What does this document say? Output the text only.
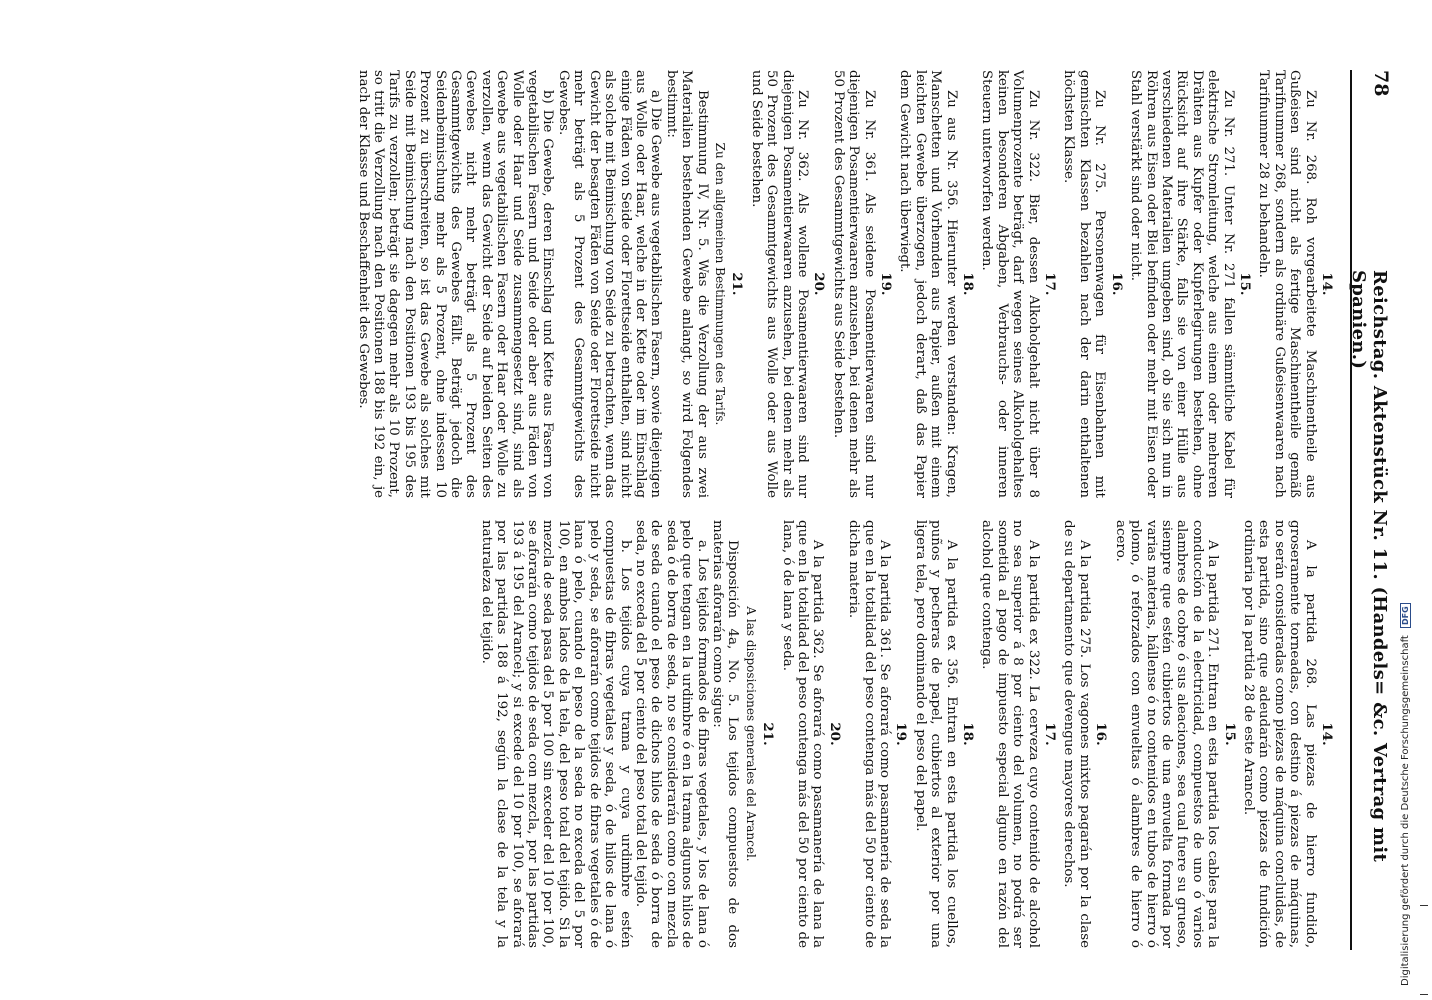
78
Reichstag. Aktenstück Nr. 11. (Handels= &c. Vertrag mit Spanien.)
14.

Zu Nr. 268. Roh vorgearbeitete Maschinentheile aus Gußeisen sind nicht als fertige Maschinentheile gemäß Tarifnummer 268, sondern als ordinäre Gußeisenwaaren nach Tarifnummer 28 zu behandeln.

15.

Zu Nr. 271. Unter Nr. 271 fallen sämmtliche Kabel für elektrische Stromleitung, welche aus einem oder mehreren Drähten aus Kupfer oder Kupferlegirungen bestehen, ohne Rücksicht auf ihre Stärke, falls sie von einer Hülle aus verschiedenen Materialien umgeben sind, ob sie sich nun in Röhren aus Eisen oder Blei befinden oder mehr mit Eisen oder Stahl verstärkt sind oder nicht.

16.

Zu Nr. 275. Personenwagen für Eisenbahnen mit gemischten Klassen bezahlen nach der darin enthaltenen höchsten Klasse.

17.

Zu Nr. 322. Bier, dessen Alkoholgehalt nicht über 8 Volumenprozente beträgt, darf wegen seines Alkoholgehaltes keinen besonderen Abgaben, Verbrauchs- oder inneren Steuern unterworfen werden.

18.

Zu aus Nr. 356. Hierunter werden verstanden: Kragen, Manschetten und Vorhemden aus Papier, außen mit einem leichten Gewebe überzogen, jedoch derart, daß das Papier dem Gewicht nach überwiegt.

19.

Zu Nr. 361. Als seidene Posamentierwaaren sind nur diejenigen Posamentierwaaren anzusehen, bei denen mehr als 50 Prozent des Gesammtgewichts aus Seide bestehen.

20.

Zu Nr. 362. Als wollene Posamentierwaaren sind nur diejenigen Posamentierwaaren anzusehen, bei denen mehr als 50 Prozent des Gesammtgewichts aus Wolle oder aus Wolle und Seide bestehen.

21.
Zu den allgemeinen Bestimmungen des Tarifs.

Bestimmung IV, Nr. 5. Was die Verzollung der aus zwei Materialien bestehenden Gewebe anlangt, so wird Folgendes bestimmt:

a) Die Gewebe aus vegetabilischen Fasern, sowie diejenigen aus Wolle oder Haar, welche in der Kette oder im Einschlag einige Fäden von Seide oder Florettseide enthalten, sind nicht als solche mit Beimischung von Seide zu betrachten, wenn das Gewicht der besagten Fäden von Seide oder Florettseide nicht mehr beträgt als 5 Prozent des Gesammtgewichts des Gewebes.

b) Die Gewebe, deren Einschlag und Kette aus Fasern von vegetabilischen Fasern und Seide oder aber aus Fäden von Wolle oder Haar und Seide zusammengesetzt sind, sind als Gewebe aus vegetabilischen Fasern oder Haar oder Wolle zu verzollen, wenn das Gewicht der Seide auf beiden Seiten des Gewebes nicht mehr beträgt als 5 Prozent des Gesammtgewichts des Gewebes fällt. Beträgt jedoch die Seidenbeimischung mehr als 5 Prozent, ohne indessen 10 Prozent zu überschreiten, so ist das Gewebe als solches mit Seide mit Beimischung nach den Positionen 193 bis 195 des Tarifs zu verzollen; beträgt sie dagegen mehr als 10 Prozent, so tritt die Verzollung nach den Positionen 188 bis 192 ein, je nach der Klasse und Beschaffenheit des Gewebes.

14.

A la partida 268. Las piezas de hierro fundido, groseramente torneadas, con destino á piezas de máquinas, no serán consideradas como piezas de máquina concluidas, de esta partida, sino que adeudarán como piezas de fundición ordinaria por la partida 28 de este Arancel.

15.

A la partida 271. Entran en esta partida los cables para la conducción de la electricidad, compuestos de uno ó varios alambres de cobre ó sus aleaciones, sea cual fuere su grueso, siempre que estén cubiertos de una envuelta formada por varias materias, hállense ó no contenidos en tubos de hierro ó plomo, ó reforzados con envueltas ó alambres de hierro ó acero.

16.

A la partida 275. Los vagones mixtos pagarán por la clase de su departamento que devengue mayores derechos.

17.

A la partida ex 322. La cerveza cuyo contenido de alcohol no sea superior á 8 por ciento del volumen, no podrá ser sometida al pago de impuesto especial alguno en razón del alcohol que contenga.

18.

A la partida ex 356. Entran en esta partida los cuellos, puños y pecheras de papel, cubiertos al exterior por una ligera tela, pero dominando el peso del papel.

19.

A la partida 361. Se aforará como pasamanería de seda la que en la totalidad del peso contenga más del 50 por ciento de dicha materia.

20.

A la partida 362. Se aforará como pasamanería de lana la que en la totalidad del peso contenga más del 50 por ciento de lana, ó de lana y seda.

21.
A las disposiciones generales del Arancel.

Disposición 4a, No. 5. Los tejidos compuestos de dos materias aforarán como sigue:

a. Los tejidos formados de fibras vegetales, y los de lana ó pelo que tengan en la urdimbre ó en la trama algunos hilos de seda ó de borra de seda, no se considerarán como con mezcla de seda cuando el peso de dichos hilos de seda ó borra de seda, no exceda del 5 por ciento del peso total del tejido.

b. Los tejidos cuya trama y cuya urdimbre estén compuestas de fibras vegetales y seda, ó de hilos de lana ó pelo y seda, se aforarán como tejidos de fibras vegetales ó de lana ó pelo, cuando el peso de la seda no exceda del 5 por 100, en ambos lados de la tela, del peso total del tejido. Si la mezcla de seda pasa del 5 por 100 sin exceder del 10 por 100, se aforarán como tejidos de seda con mezcla, por las partidas 193 á 195 del Arancel; y si excede del 10 por 100, se aforará por las partidas 188 á 192, según la clase de la tela y la naturaleza del tejido.

Digitalisierung gefördert durch die Deutsche Forschungsgemeinschaft DFG
